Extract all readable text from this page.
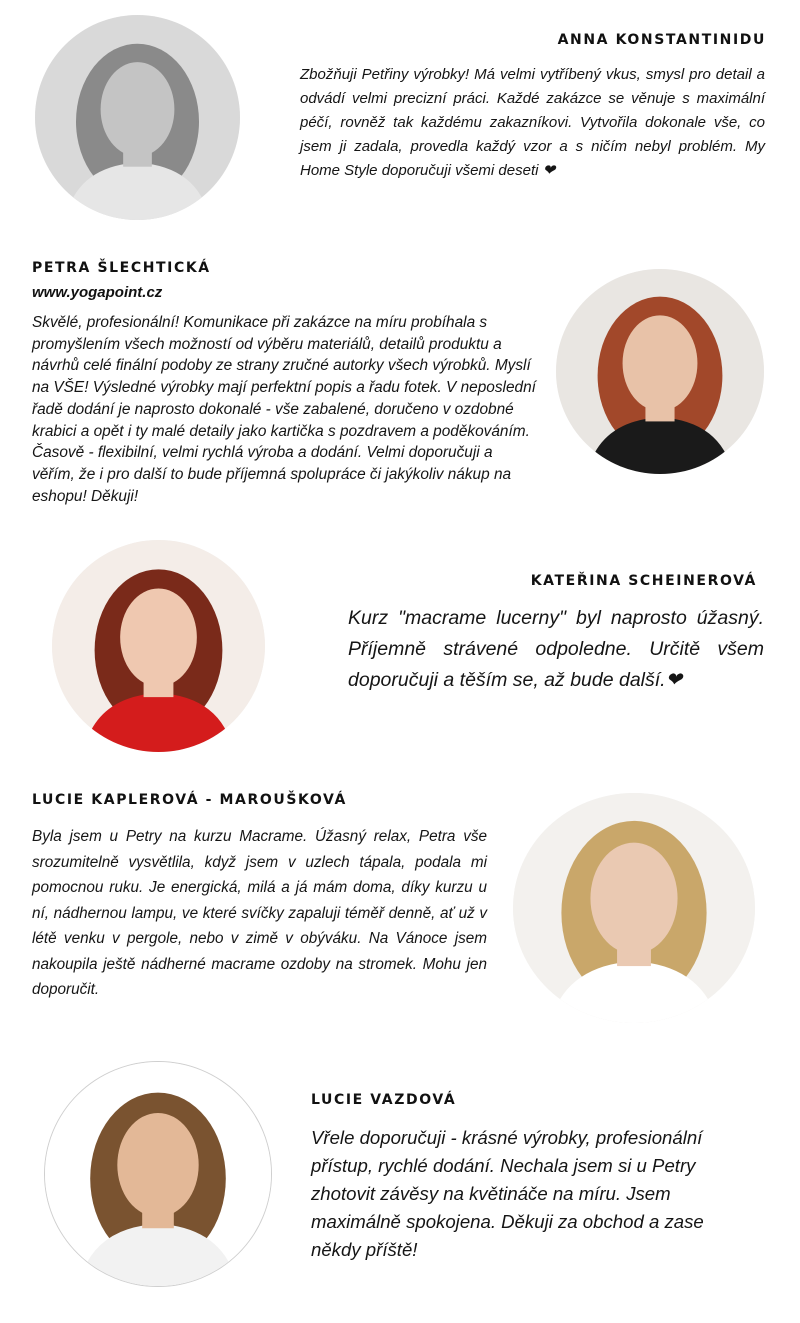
ANNA KONSTANTINIDU

Zbožňuji Petřiny výrobky! Má velmi vytříbený vkus, smysl pro detail a odvádí velmi precizní práci. Každé zakázce se věnuje s maximální péčí, rovněž tak každému zakazníkovi. Vytvořila dokonale vše, co jsem ji zadala, provedla každý vzor a s ničím nebyl problém. My Home Style doporučuji všemi deseti ❤

PETRA ŠLECHTICKÁ
www.yogapoint.cz

Skvělé, profesionální! Komunikace při zakázce na míru probíhala s promyšlením všech možností od výběru materiálů, detailů produktu a návrhů celé finální podoby ze strany zručné autorky všech výrobků. Myslí na VŠE! Výsledné výrobky mají perfektní popis a řadu fotek. V neposlední řadě dodání je naprosto dokonalé - vše zabalené, doručeno v ozdobné krabici a opět i ty malé detaily jako kartička s pozdravem a poděkováním. Časově - flexibilní, velmi rychlá výroba a dodání. Velmi doporučuji a věřím, že i pro další to bude příjemná spolupráce či jakýkoliv nákup na eshopu! Děkuji!

KATEŘINA SCHEINEROVÁ

Kurz "macrame lucerny" byl naprosto úžasný. Příjemně strávené odpoledne. Určitě všem doporučuji a těším se, až bude další.❤

LUCIE KAPLEROVÁ - MAROUŠKOVÁ

Byla jsem u Petry na kurzu Macrame. Úžasný relax, Petra vše srozumitelně vysvětlila, když jsem v uzlech tápala, podala mi pomocnou ruku. Je energická, milá a já mám doma, díky kurzu u ní, nádhernou lampu, ve které svíčky zapaluji téměř denně, ať už v létě venku v pergole, nebo v zimě v obýváku. Na Vánoce jsem nakoupila ještě nádherné macrame ozdoby na stromek. Mohu jen doporučit.

LUCIE VAZDOVÁ

Vřele doporučuji - krásné výrobky, profesionální přístup, rychlé dodání. Nechala jsem si u Petry zhotovit závěsy na květináče na míru. Jsem maximálně spokojena. Děkuji za obchod a zase někdy příště!
